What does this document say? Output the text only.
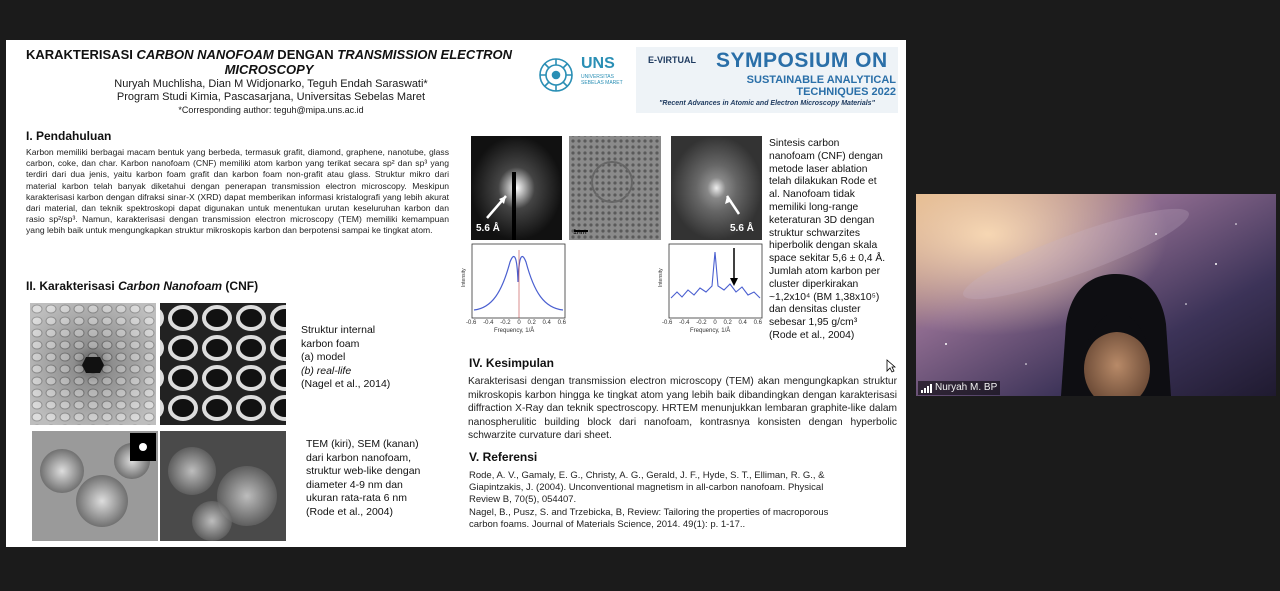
KARAKTERISASI CARBON NANOFOAM DENGAN TRANSMISSION ELECTRON
MICROSCOPY
Nuryah Muchlisha, Dian M Widjonarko, Teguh Endah Saraswati*
Program Studi Kimia, Pascasarjana, Universitas Sebelas Maret
*Corresponding author: teguh@mipa.uns.ac.id
UNS
UNIVERSITAS SEBELAS MARET
E-VIRTUAL SYMPOSIUM ON
SUSTAINABLE ANALYTICAL TECHNIQUES 2022
"Recent Advances in Atomic and Electron Microscopy Materials"
I. Pendahuluan
Karbon memiliki berbagai macam bentuk yang berbeda, termasuk grafit, diamond, graphene, nanotube, glass carbon, coke, dan char. Karbon nanofoam (CNF) memiliki atom karbon yang terikat secara sp² dan sp³ yang terdiri dari dua jenis, yaitu karbon foam grafit dan karbon foam non-grafit atau glass. Struktur mikro dari material karbon telah banyak diketahui dengan penerapan transmission electron microscopy. Meskipun karakterisasi karbon dengan difraksi sinar-X (XRD) dapat memberikan informasi kristalografi yang lebih akurat dari material, dan teknik spektroskopi dapat digunakan untuk menentukan urutan keseluruhan karbon dan rasio sp²/sp³. Namun, karakterisasi dengan transmission electron microscopy (TEM) memiliki kemampuan yang lebih baik untuk mengungkapkan struktur mikroskopis karbon dan berpotensi sampai ke tingkat atom.
II. Karakterisasi Carbon Nanofoam (CNF)
Struktur internal
karbon foam
(a) model
(b) real-life
(Nagel et al., 2014)
TEM (kiri), SEM (kanan)
dari karbon nanofoam,
struktur web-like dengan
diameter 4-9 nm dan
ukuran rata-rata 6 nm
(Rode et al., 2004)
5.6 Å	5.6 Å
1nm
Intensity	Intensity
-0.6 -0.4 -0.2 0 0.2 0.4 0.6
Frequency, 1/Å
-0.6 -0.4 -0.2 0 0.2 0.4 0.6
Frequency, 1/Å
Sintesis carbon
nanofoam (CNF) dengan
metode laser ablation
telah dilakukan Rode et
al. Nanofoam tidak
memiliki long-range
keteraturan 3D dengan
struktur schwarzites
hiperbolik dengan skala
space sekitar 5,6 ± 0,4 Å.
Jumlah atom karbon per
cluster diperkirakan
~1,2x10⁴ (BM 1,38x10⁵)
dan densitas cluster
sebesar 1,95 g/cm³
(Rode et al., 2004)
IV. Kesimpulan
Karakterisasi dengan transmission electron microscopy (TEM) akan mengungkapkan struktur mikroskopis karbon hingga ke tingkat atom yang lebih baik dibandingkan dengan karakterisasi diffraction X-Ray dan teknik spectroscopy. HRTEM menunjukkan lembaran graphite-like dalam nanospherulitic building block dari nanofoam, kontrasnya konsisten dengan hyperbolic schwarzite curvature dari sheet.
V. Referensi
Rode, A. V., Gamaly, E. G., Christy, A. G., Gerald, J. F., Hyde, S. T., Elliman, R. G., &
Giapintzakis, J. (2004). Unconventional magnetism in all-carbon nanofoam. Physical
Review B, 70(5), 054407.
Nagel, B., Pusz, S. and Trzebicka, B, Review: Tailoring the properties of macroporous
carbon foams. Journal of Materials Science, 2014. 49(1): p. 1-17..
Nuryah M. BP
